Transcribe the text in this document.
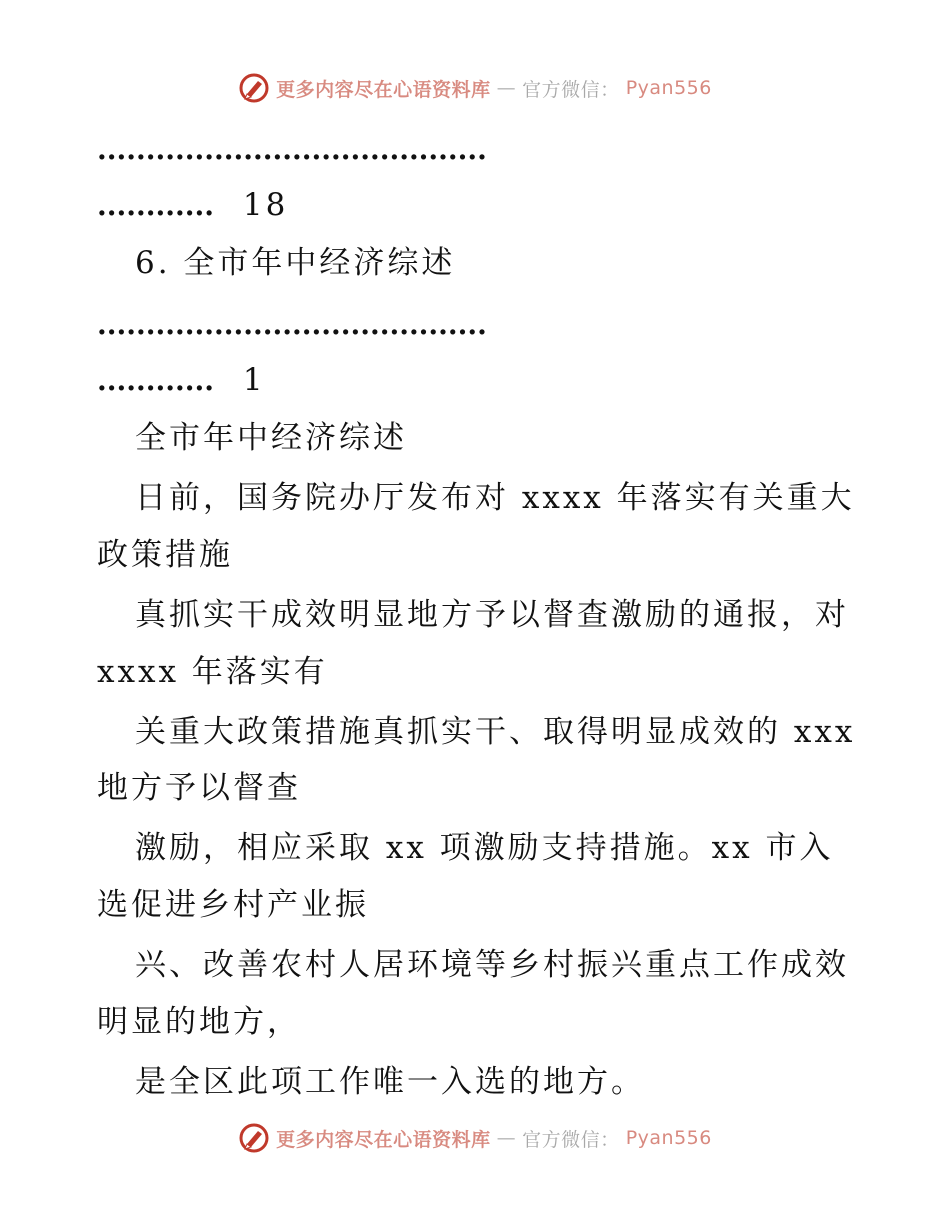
更多内容尽在心语资料库 — 官方微信： Pyan556
........................................
............ 18
6. 全市年中经济综述
........................................
............ 1
全市年中经济综述
日前，国务院办厅发布对 xxxx 年落实有关重大
政策措施
真抓实干成效明显地方予以督查激励的通报，对
xxxx 年落实有
关重大政策措施真抓实干、取得明显成效的 xxx
地方予以督查
激励，相应采取 xx 项激励支持措施。xx 市入
选促进乡村产业振
兴、改善农村人居环境等乡村振兴重点工作成效
明显的地方，
是全区此项工作唯一入选的地方。
更多内容尽在心语资料库 — 官方微信： Pyan556
